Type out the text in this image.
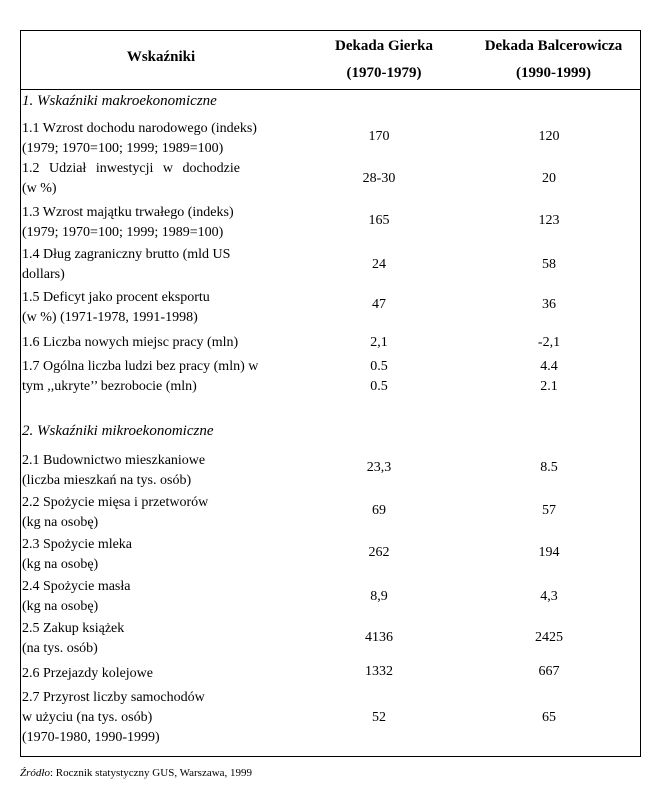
Wskaźniki
Dekada Gierka
(1970-1979)
Dekada Balcerowicza
(1990-1999)
1. Wskaźniki makroekonomiczne
1.1 Wzrost dochodu narodowego (indeks)
(1979; 1970=100; 1999; 1989=100)
170	120
1.2 Udział inwestycji w dochodzie
(w %)
28-30	20
1.3 Wzrost majątku trwałego (indeks)
(1979; 1970=100; 1999; 1989=100)
165	123
1.4 Dług zagraniczny brutto (mld US
dollars)
24	58
1.5 Deficyt jako procent eksportu
(w %) (1971-1978, 1991-1998)
47	36
1.6 Liczba nowych miejsc pracy (mln)	2,1	-2,1
1.7 Ogólna liczba ludzi bez pracy (mln) w
tym ,,ukryte’’ bezrobocie (mln)
0.5	4.4
0.5	2.1
2. Wskaźniki mikroekonomiczne
2.1 Budownictwo mieszkaniowe
(liczba mieszkań na tys. osób)
23,3	8.5
2.2 Spożycie mięsa i przetworów
(kg na osobę)
69	57
2.3 Spożycie mleka
(kg na osobę)
262	194
2.4 Spożycie masła
(kg na osobę)
8,9	4,3
2.5 Zakup książek
(na tys. osób)
4136	2425
2.6 Przejazdy kolejowe	1332	667
2.7 Przyrost liczby samochodów
w użyciu (na tys. osób)
(1970-1980, 1990-1999)
52	65
Źródło: Rocznik statystyczny GUS, Warszawa, 1999
